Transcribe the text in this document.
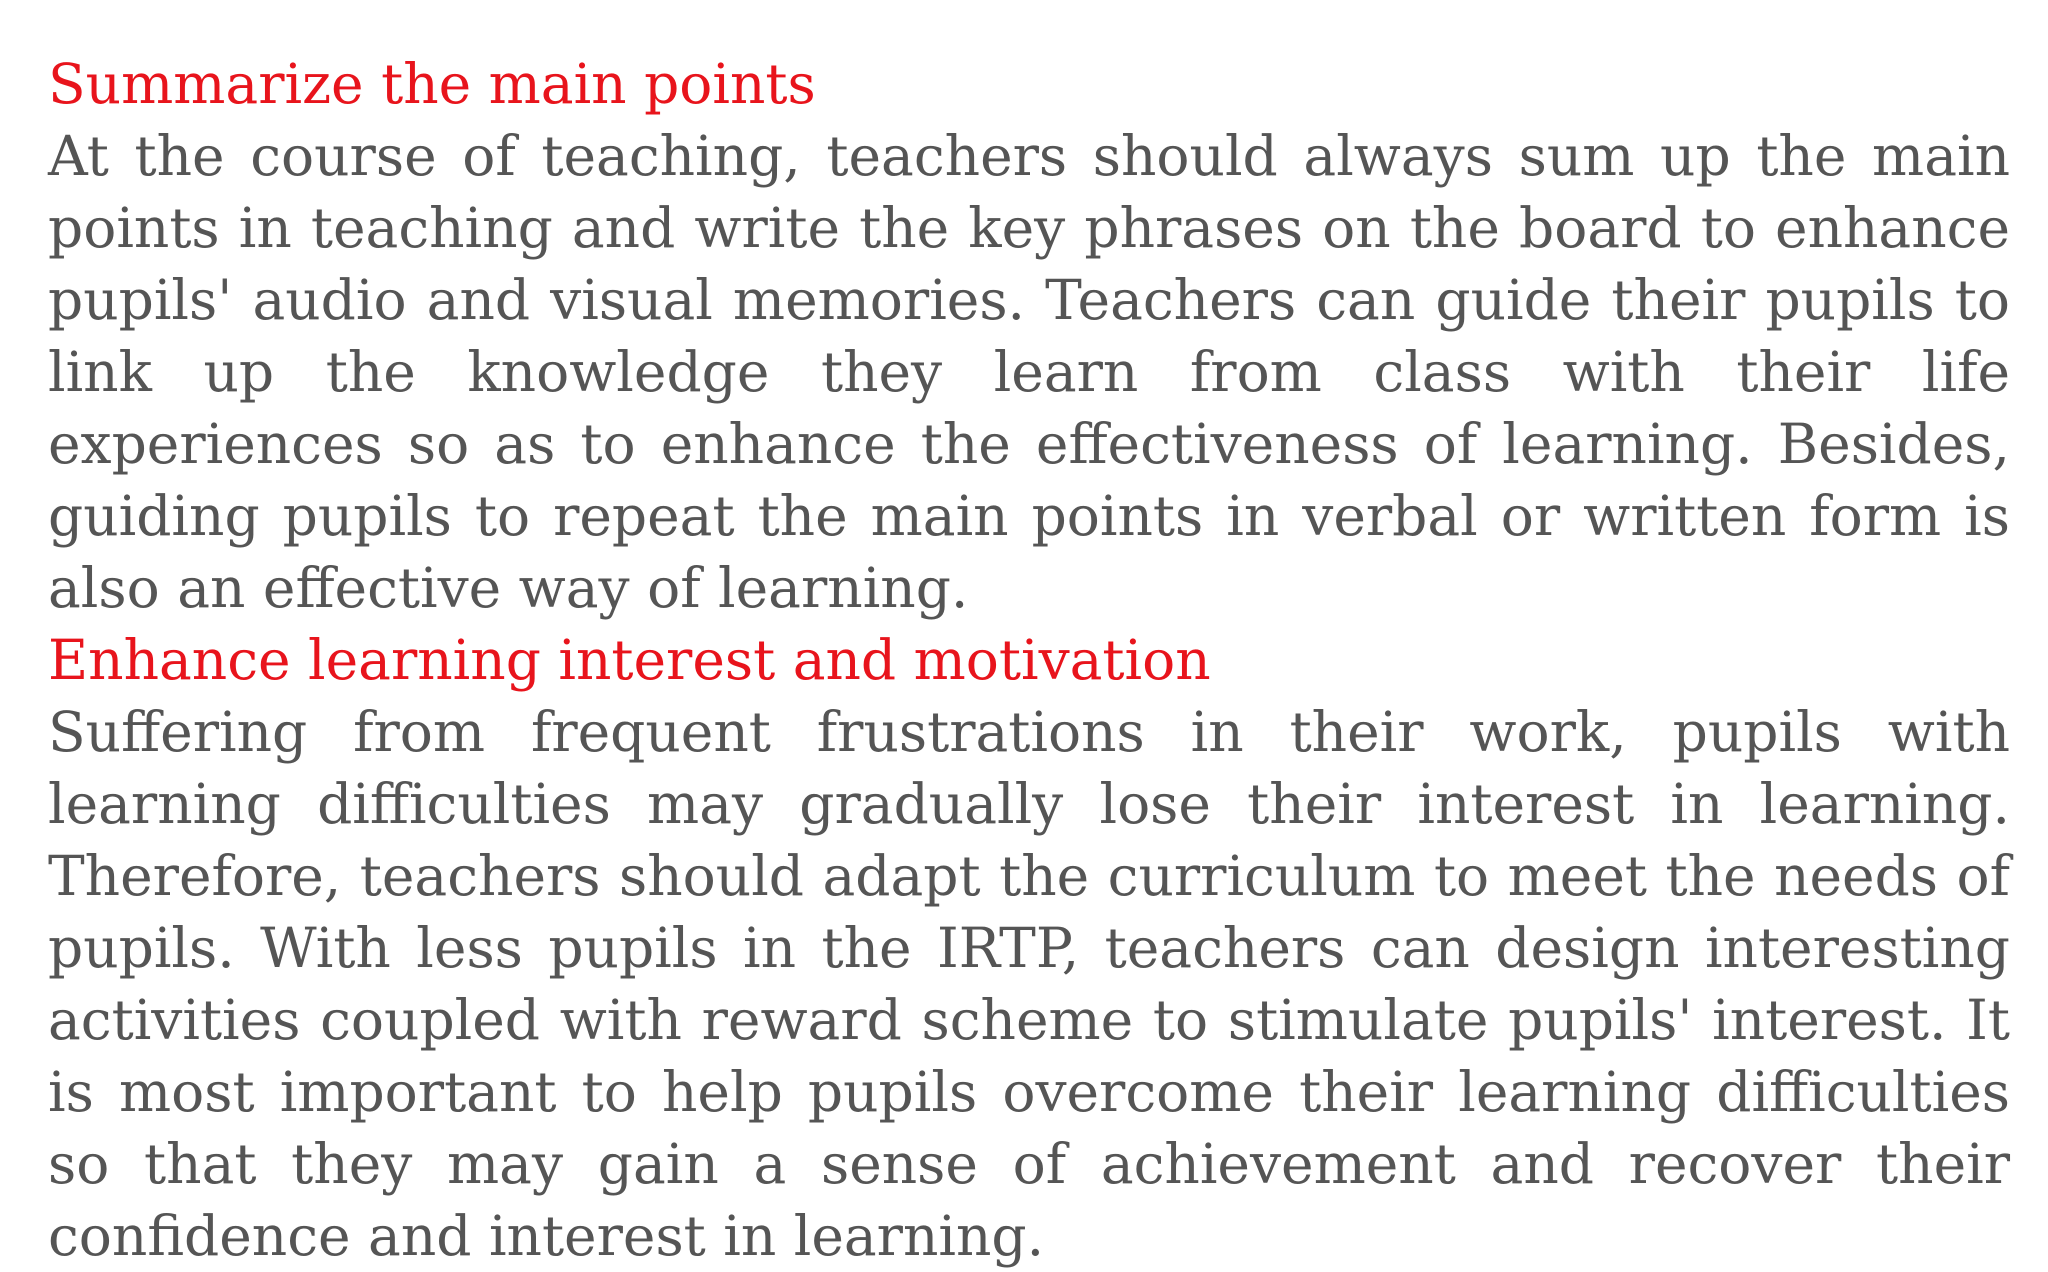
Summarize the main points

At the course of teaching, teachers should always sum up the main points in teaching and write the key phrases on the board to enhance pupils' audio and visual memories. Teachers can guide their pupils to link up the knowledge they learn from class with their life experiences so as to enhance the effectiveness of learning. Besides, guiding pupils to repeat the main points in verbal or written form is also an effective way of learning.

Enhance learning interest and motivation

Suffering from frequent frustrations in their work, pupils with learning difficulties may gradually lose their interest in learning. Therefore, teachers should adapt the curriculum to meet the needs of pupils. With less pupils in the IRTP, teachers can design interesting activities coupled with reward scheme to stimulate pupils' interest. It is most important to help pupils overcome their learning difficulties so that they may gain a sense of achievement and recover their confidence and interest in learning.
